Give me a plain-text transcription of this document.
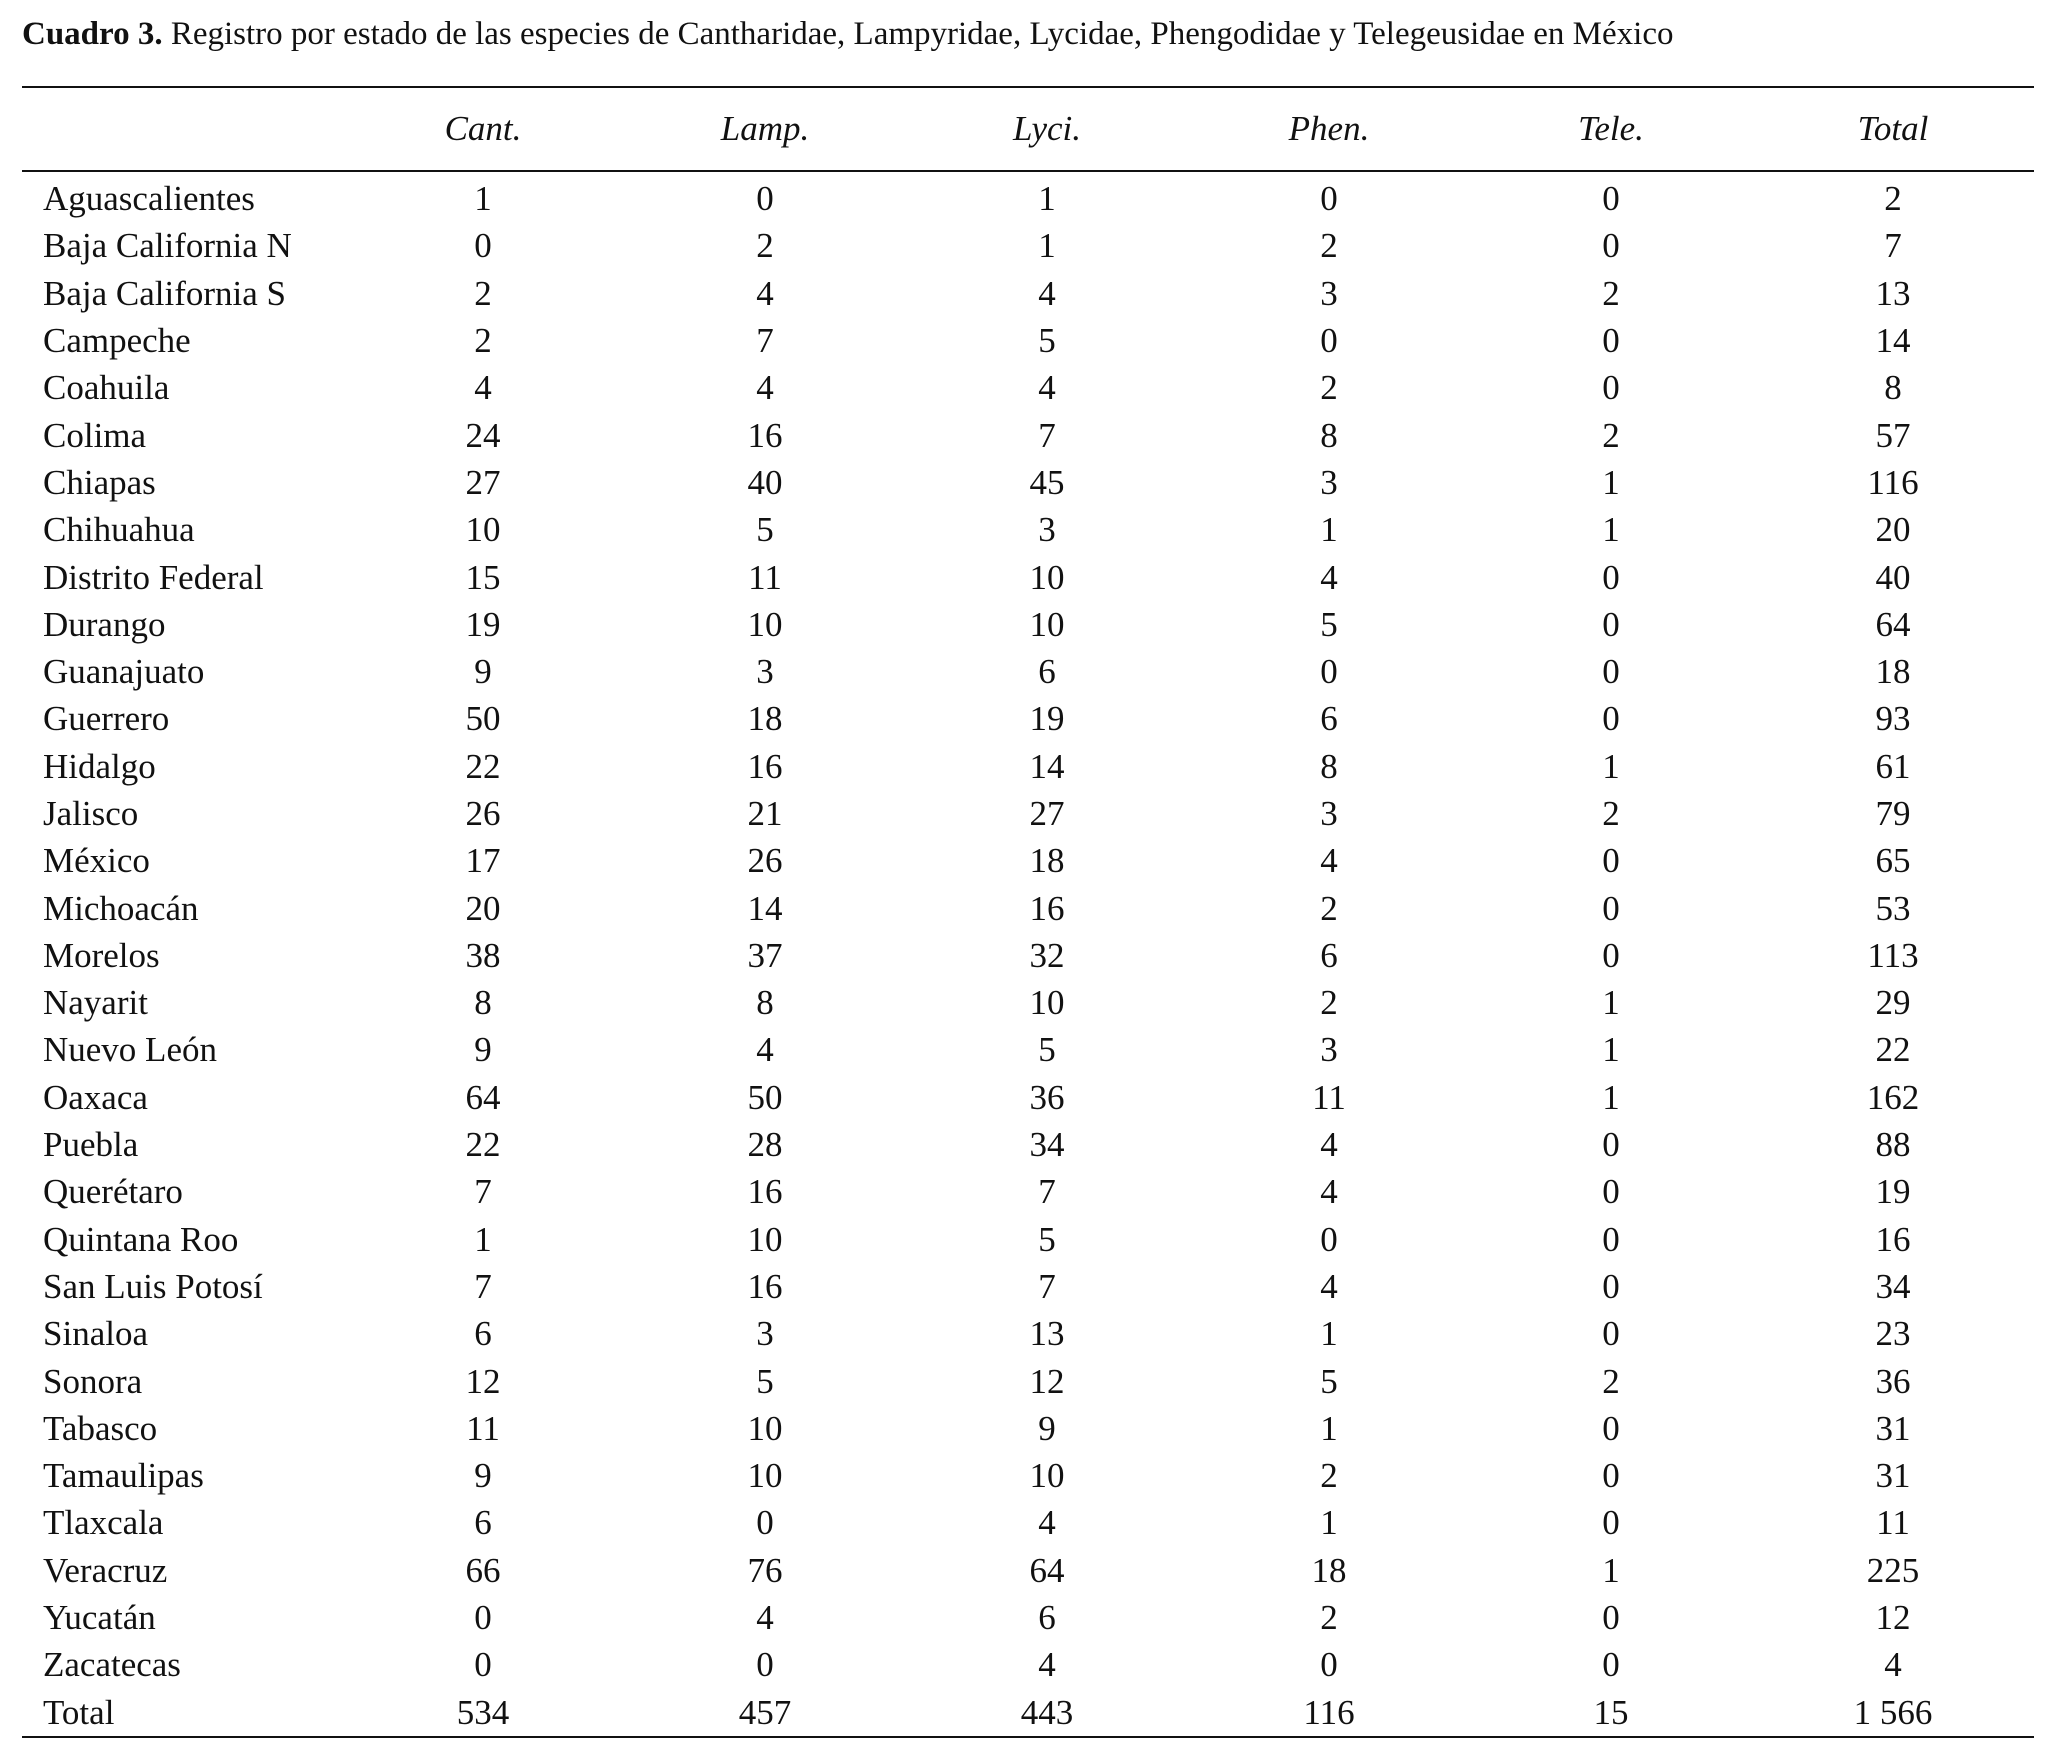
Cuadro 3. Registro por estado de las especies de Cantharidae, Lampyridae, Lycidae, Phengodidae y Telegeusidae en México
	Cant.	Lamp.	Lyci.	Phen.	Tele.	Total
Aguascalientes	1	0	1	0	0	2
Baja California N	0	2	1	2	0	7
Baja California S	2	4	4	3	2	13
Campeche	2	7	5	0	0	14
Coahuila	4	4	4	2	0	8
Colima	24	16	7	8	2	57
Chiapas	27	40	45	3	1	116
Chihuahua	10	5	3	1	1	20
Distrito Federal	15	11	10	4	0	40
Durango	19	10	10	5	0	64
Guanajuato	9	3	6	0	0	18
Guerrero	50	18	19	6	0	93
Hidalgo	22	16	14	8	1	61
Jalisco	26	21	27	3	2	79
México	17	26	18	4	0	65
Michoacán	20	14	16	2	0	53
Morelos	38	37	32	6	0	113
Nayarit	8	8	10	2	1	29
Nuevo León	9	4	5	3	1	22
Oaxaca	64	50	36	11	1	162
Puebla	22	28	34	4	0	88
Querétaro	7	16	7	4	0	19
Quintana Roo	1	10	5	0	0	16
San Luis Potosí	7	16	7	4	0	34
Sinaloa	6	3	13	1	0	23
Sonora	12	5	12	5	2	36
Tabasco	11	10	9	1	0	31
Tamaulipas	9	10	10	2	0	31
Tlaxcala	6	0	4	1	0	11
Veracruz	66	76	64	18	1	225
Yucatán	0	4	6	2	0	12
Zacatecas	0	0	4	0	0	4
Total	534	457	443	116	15	1 566
